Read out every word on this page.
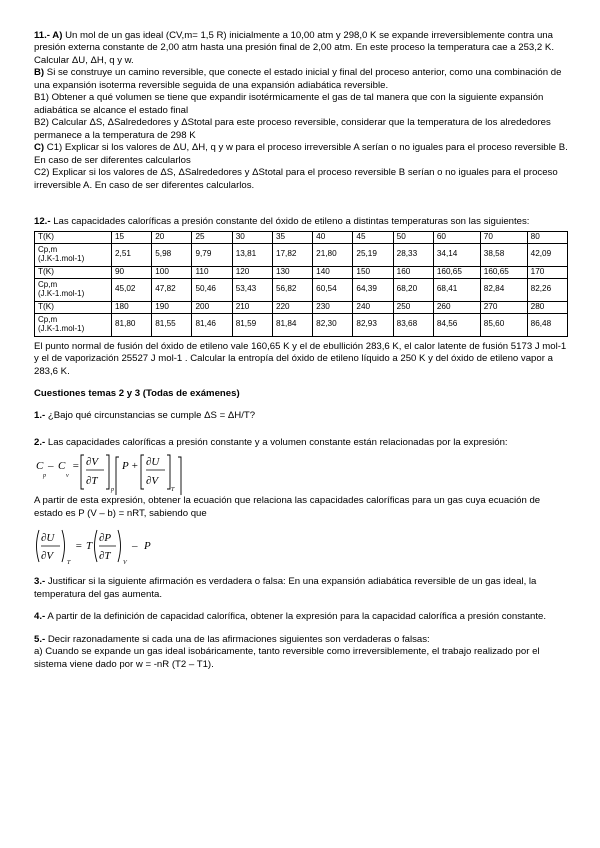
11.- A) Un mol de un gas ideal (CV,m= 1,5 R) inicialmente a 10,00 atm y 298,0 K se expande irreversiblemente contra una presión externa constante de 2,00 atm hasta una presión final de 2,00 atm. En este proceso la temperatura cae a 253,2 K. Calcular ΔU, ΔH, q y w.

B) Si se construye un camino reversible, que conecte el estado inicial y final del proceso anterior, como una combinación de una expansión isoterma reversible seguida de una expansión adiabática reversible.

B1) Obtener a qué volumen se tiene que expandir isotérmicamente el gas de tal manera que con la siguiente expansión adiabática se alcance el estado final

B2) Calcular ΔS, ΔSalrededores y ΔStotal para este proceso reversible, considerar que la temperatura de los alrededores permanece a la temperatura de 298 K

C) C1) Explicar si los valores de ΔU, ΔH, q y w para el proceso irreversible A serían o no iguales para el proceso reversible B. En caso de ser diferentes calcularlos

C2) Explicar si los valores de ΔS, ΔSalrededores y ΔStotal para el proceso reversible B serían o no iguales para el proceso irreversible A. En caso de ser diferentes calcularlos.

12.- Las capacidades caloríficas a presión constante del óxido de etileno a distintas temperaturas son las siguientes:

T(K)	15	20	25	30	35	40	45	50	60	70	80

Cp,m
(J.K-1.mol-1)	2,51	5,98	9,79	13,81	17,82	21,80	25,19	28,33	34,14	38,58	42,09
T(K)	90	100	110	120	130	140	150	160	160,65	160,65	170

Cp,m
(J.K-1.mol-1)	45,02	47,82	50,46	53,43	56,82	60,54	64,39	68,20	68,41	82,84	82,26
T(K)	180	190	200	210	220	230	240	250	260	270	280

Cp,m
(J.K-1.mol-1)	81,80	81,55	81,46	81,59	81,84	82,30	82,93	83,68	84,56	85,60	86,48

El punto normal de fusión del óxido de etileno vale 160,65 K y el de ebullición 283,6 K, el calor latente de fusión 5173 J mol-1 y el de vaporización 25527 J mol-1 . Calcular la entropía del óxido de etileno líquido a 250 K y del óxido de etileno vapor a 283,6 K.

Cuestiones temas 2 y 3 (Todas de exámenes)

1.- ¿Bajo qué circunstancias se cumple ΔS = ΔH/T?

2.- Las capacidades caloríficas a presión constante y a volumen constante están relacionadas por la expresión:

C – C
p	v
= ∂V
∂T
p
P + ∂U
∂V
T

A partir de esta expresión, obtener la ecuación que relaciona las capacidades caloríficas para un gas cuya ecuación de estado es P (V – b) = nRT, sabiendo que

∂U
∂V
T
= T
∂P
∂T
V
– P

3.- Justificar si la siguiente afirmación es verdadera o falsa: En una expansión adiabática reversible de un gas ideal, la temperatura del gas aumenta.

4.- A partir de la definición de capacidad calorífica, obtener la expresión para la capacidad calorífica a presión constante.

5.- Decir razonadamente si cada una de las afirmaciones siguientes son verdaderas o falsas:

a) Cuando se expande un gas ideal isobáricamente, tanto reversible como irreversiblemente, el trabajo realizado por el sistema viene dado por w = -nR (T2 – T1).
